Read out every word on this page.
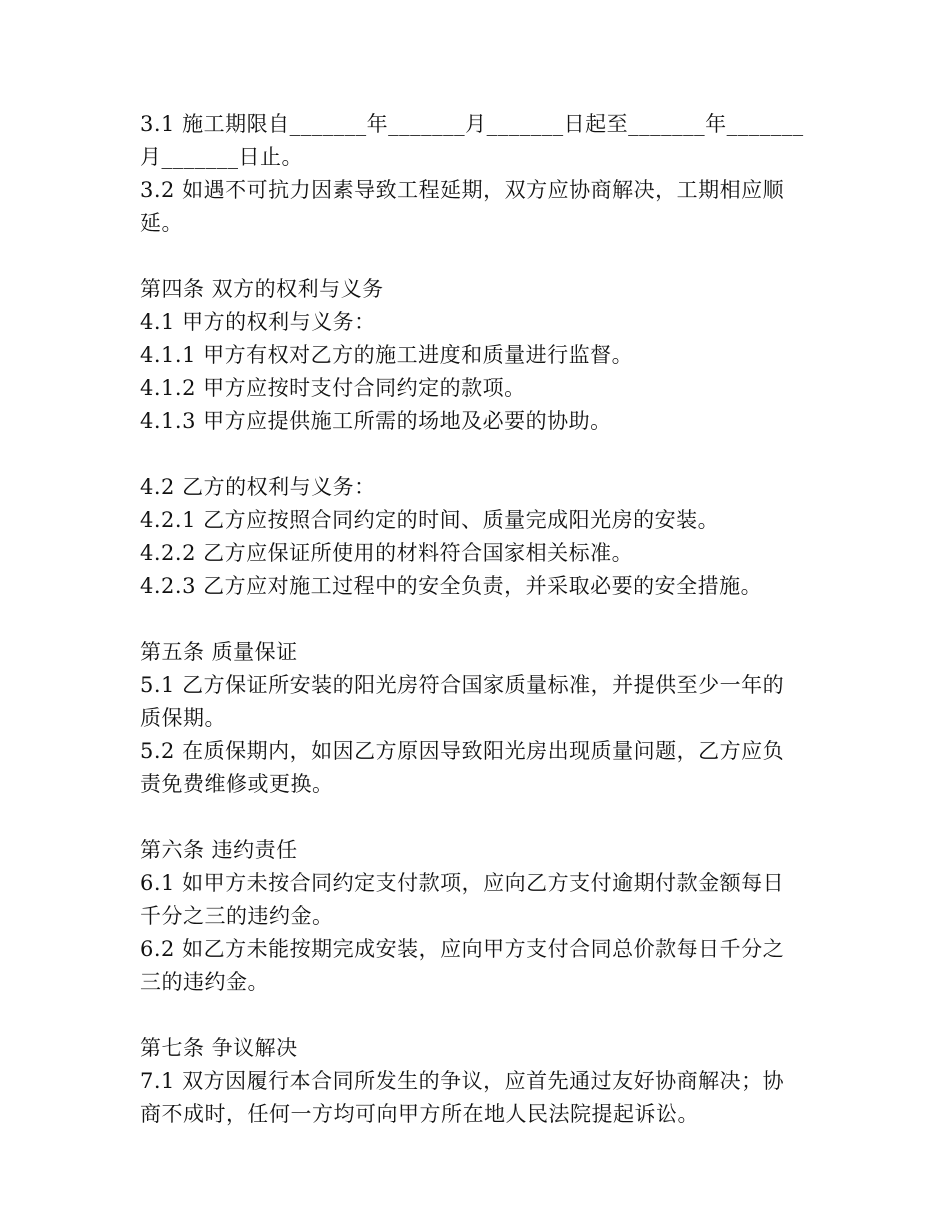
3.1 施工期限自_______年_______月_______日起至_______年_______
月_______日止。
3.2 如遇不可抗力因素导致工程延期，双方应协商解决，工期相应顺
延。
第四条 双方的权利与义务
4.1 甲方的权利与义务：
4.1.1 甲方有权对乙方的施工进度和质量进行监督。
4.1.2 甲方应按时支付合同约定的款项。
4.1.3 甲方应提供施工所需的场地及必要的协助。
4.2 乙方的权利与义务：
4.2.1 乙方应按照合同约定的时间、质量完成阳光房的安装。
4.2.2 乙方应保证所使用的材料符合国家相关标准。
4.2.3 乙方应对施工过程中的安全负责，并采取必要的安全措施。
第五条 质量保证
5.1 乙方保证所安装的阳光房符合国家质量标准，并提供至少一年的
质保期。
5.2 在质保期内，如因乙方原因导致阳光房出现质量问题，乙方应负
责免费维修或更换。
第六条 违约责任
6.1 如甲方未按合同约定支付款项，应向乙方支付逾期付款金额每日
千分之三的违约金。
6.2 如乙方未能按期完成安装，应向甲方支付合同总价款每日千分之
三的违约金。
第七条 争议解决
7.1 双方因履行本合同所发生的争议，应首先通过友好协商解决；协
商不成时，任何一方均可向甲方所在地人民法院提起诉讼。
